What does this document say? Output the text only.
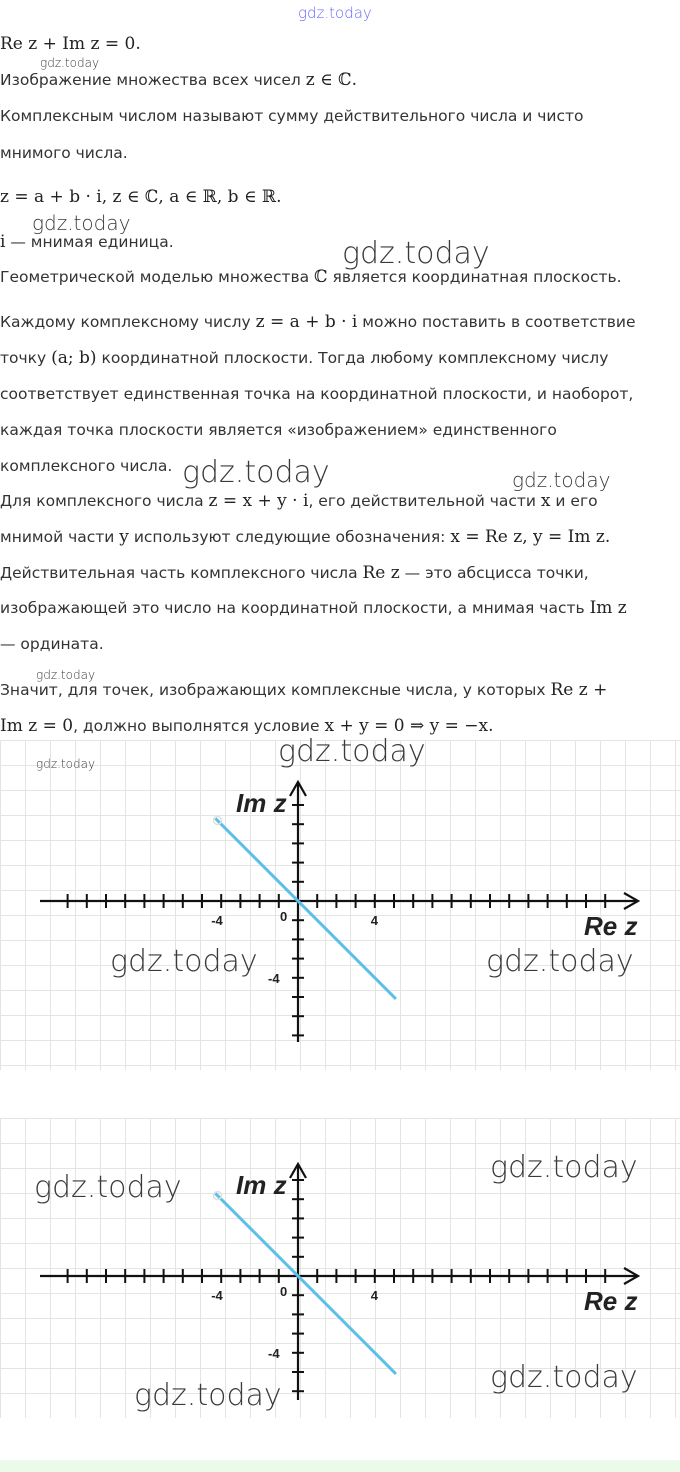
Re z + Im z = 0.
Изображение множества всех чисел z ∈ ℂ.
Комплексным числом называют сумму действительного числа и чисто
мнимого числа.
z = a + b · i, z ∈ ℂ, a ∈ ℝ, b ∈ ℝ.
i — мнимая единица.
Геометрической моделью множества ℂ является координатная плоскость.
Каждому комплексному числу z = a + b · i можно поставить в соответствие
точку (a; b) координатной плоскости. Тогда любому комплексному числу
соответствует единственная точка на координатной плоскости, и наоборот,
каждая точка плоскости является «изображением» единственного
комплексного числа.
Для комплексного числа z = x + y · i, его действительной части x и его
мнимой части y используют следующие обозначения: x = Re z, y = Im z.
Действительная часть комплексного числа Re z — это абсцисса точки,
изображающей это число на координатной плоскости, а мнимая часть Im z
— ордината.
Значит, для точек, изображающих комплексные числа, у которых Re z +
Im z = 0, должно выполнятся условие x + y = 0 ⇒ y = −x.
-4	4
0
-4
Re z
Im z
-4	4
0
-4
Re z
Im z
gdz.today
gdz.today
gdz.today
gdz.today
gdz.today	gdz.today
gdz.today
gdz.today	gdz.today
gdz.today	gdz.today
gdz.today
gdz.today
gdz.today
gdz.today
